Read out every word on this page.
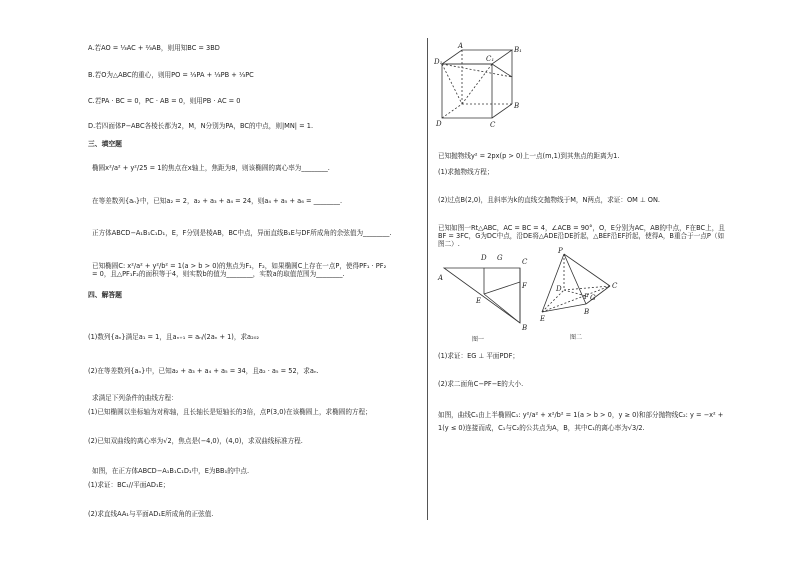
A.若AO = ⅓AC + ⅔AB，则用知BC = 3BD
B.若O为△ABC的重心，则用PO = ⅓PA + ⅓PB + ⅓PC
C.若PA · BC = 0，PC · AB = 0，则用PB · AC = 0
D.若四面体P−ABC各棱长都为2，M，N分别为PA，BC的中点，则|MN| = 1.
三、填空题
椭圆x²/a² + y²/25 = 1的焦点在x轴上，焦距为8，则该椭圆的离心率为________.
在等差数列{aₙ}中，已知a₂ = 2，a₂ + a₃ + a₄ = 24，则a₄ + a₅ + a₆ = ________.
正方体ABCD−A₁B₁C₁D₁，E，F分别是棱AB，BC中点，异面直线B₁E与DF所成角的余弦值为________.
已知椭圆C: x²/a² + y²/b² = 1(a > b > 0)的焦点为F₁，F₂，如果椭圆C上存在一点P，使得PF₁ · PF₂ = 0，且△PF₁F₂的面积等于4，则实数b的值为________，实数a的取值范围为________.
四、解答题
(1)数列{aₙ}满足a₁ = 1，且aₙ₊₁ = aₙ/(2aₙ + 1)，求a₂₀₂
(2)在等差数列{aₙ}中，已知a₂ + a₃ + a₄ + a₅ = 34，且a₂ · a₅ = 52，求aₙ.
求满足下列条件的曲线方程：
(1)已知椭圆以坐标轴为对称轴，且长轴长是短轴长的3倍，点P(3,0)在该椭圆上，求椭圆的方程；
(2)已知双曲线的离心率为√2，焦点是(−4,0)，(4,0)，求双曲线标准方程.
如图，在正方体ABCD−A₁B₁C₁D₁中，E为BB₁的中点.
(1)求证：BC₁//平面AD₁E；
(2)求直线AA₁与平面AD₁E所成角的正弦值.
已知抛物线y² = 2px(p > 0)上一点(m,1)到其焦点的距离为1.
(1)求抛物线方程；
(2)过点B(2,0)，且斜率为k的直线交抛物线于M，N两点，求证：OM ⊥ ON.
已知如图一Rt△ABC，AC = BC = 4，∠ACB = 90°，O，E分别为AC，AB的中点，F在BC上，且BF = 3FC，G为DC中点，沿DE将△ADE沿DE折起，△BEF沿EF折起，使得A，B重合于一点P（如图二）.
(1)求证：EG ⊥ 平面PDF；
(2)求二面角C−PF−E的大小.
如图，曲线C₁由上半椭圆C₁: y²/a² + x²/b² = 1(a > b > 0，y ≥ 0)和部分抛物线C₂: y = −x² + 1(y ≤ 0)连接而成，C₁与C₂的公共点为A，B，其中C₁的离心率为√3/2.
A	B₁
D₁	C₁
B
D	C
D G	C
A
F
E
B
图一
P
C
D
G
F
E
B
图二
